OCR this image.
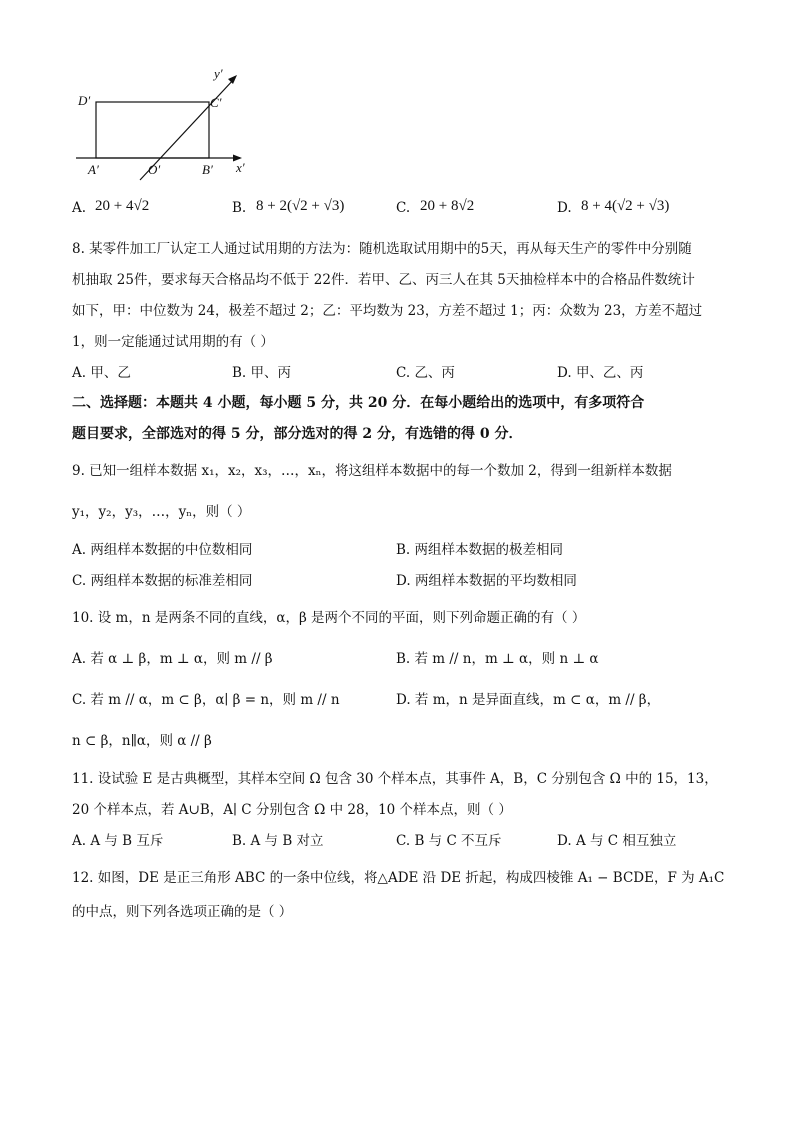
D′	C′
y′
A′	O′	B′ x′
A. 20 + 4√2	B. 8 + 2(√2 + √3)	C. 20 + 8√2	D. 8 + 4(√2 + √3)
8. 某零件加工厂认定工人通过试用期的方法为：随机选取试用期中的5天，再从每天生产的零件中分别随
机抽取 25件，要求每天合格品均不低于 22件．若甲、乙、丙三人在其 5天抽检样本中的合格品件数统计
如下，甲：中位数为 24，极差不超过 2；乙：平均数为 23，方差不超过 1；丙：众数为 23，方差不超过
1，则一定能通过试用期的有（ ）
A. 甲、乙	B. 甲、丙	C. 乙、丙	D. 甲、乙、丙
二、选择题：本题共 4 小题，每小题 5 分，共 20 分．在每小题给出的选项中，有多项符合
题目要求，全部选对的得 5 分，部分选对的得 2 分，有选错的得 0 分．
9. 已知一组样本数据 x₁，x₂，x₃，…，xₙ，将这组样本数据中的每一个数加 2，得到一组新样本数据
y₁，y₂，y₃，…，yₙ，则（ ）
A. 两组样本数据的中位数相同	B. 两组样本数据的极差相同
C. 两组样本数据的标准差相同	D. 两组样本数据的平均数相同
10. 设 m，n 是两条不同的直线，α，β 是两个不同的平面，则下列命题正确的有（ ）
A. 若 α ⊥ β，m ⊥ α，则 m // β	B. 若 m // n，m ⊥ α，则 n ⊥ α
C. 若 m // α，m ⊂ β，α∣ β = n，则 m // n	D. 若 m，n 是异面直线，m ⊂ α，m // β，
n ⊂ β，n∥α，则 α // β
11. 设试验 E 是古典概型，其样本空间 Ω 包含 30 个样本点，其事件 A，B，C 分别包含 Ω 中的 15，13，
20 个样本点，若 A∪B，A∣ C 分别包含 Ω 中 28，10 个样本点，则（ ）
A. A 与 B 互斥	B. A 与 B 对立	C. B 与 C 不互斥	D. A 与 C 相互独立
12. 如图，DE 是正三角形 ABC 的一条中位线，将△ADE 沿 DE 折起，构成四棱锥 A₁ − BCDE，F 为 A₁C
的中点，则下列各选项正确的是（ ）
